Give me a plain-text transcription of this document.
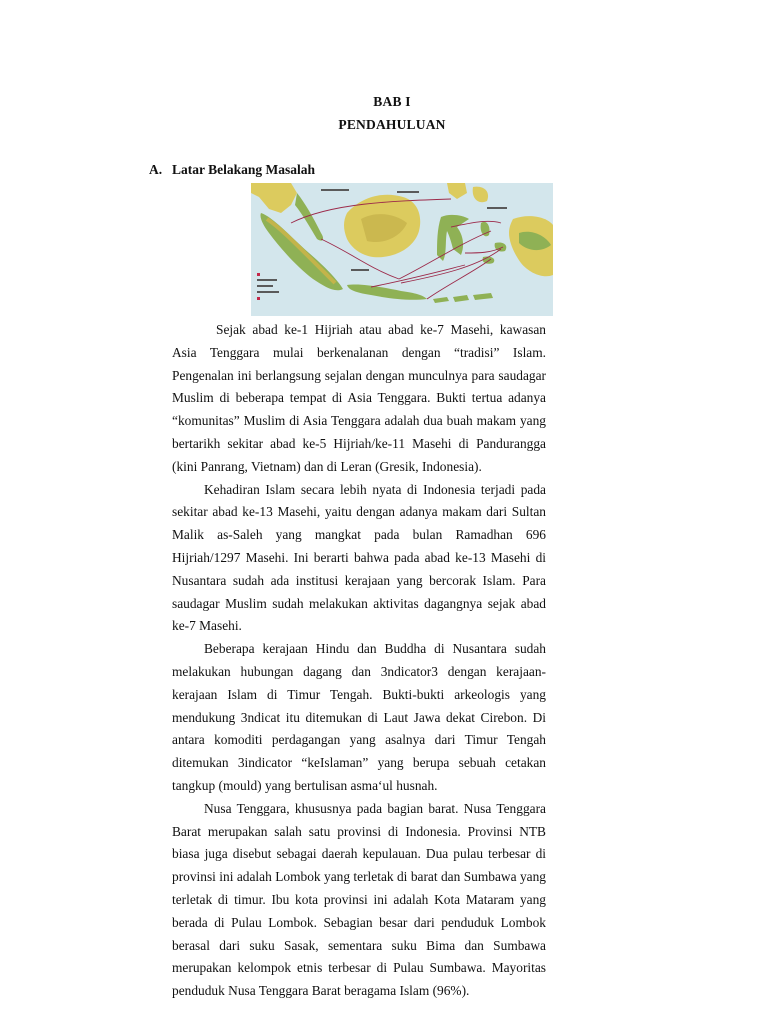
BAB I
PENDAHULUAN
A. Latar Belakang Masalah

Sejak abad ke-1 Hijriah atau abad ke-7 Masehi, kawasan Asia Tenggara mulai berkenalanan dengan “tradisi” Islam. Pengenalan ini berlangsung sejalan dengan munculnya para saudagar Muslim di beberapa tempat di Asia Tenggara. Bukti tertua adanya “komunitas” Muslim di Asia Tenggara adalah dua buah makam yang bertarikh sekitar abad ke-5 Hijriah/ke-11 Masehi di Pandurangga (kini Panrang, Vietnam) dan di Leran (Gresik, Indonesia).

Kehadiran Islam secara lebih nyata di Indonesia terjadi pada sekitar abad ke-13 Masehi, yaitu dengan adanya makam dari Sultan Malik as-Saleh yang mangkat pada bulan Ramadhan 696 Hijriah/1297 Masehi. Ini berarti bahwa pada abad ke-13 Masehi di Nusantara sudah ada institusi kerajaan yang bercorak Islam. Para saudagar Muslim sudah melakukan aktivitas dagangnya sejak abad ke-7 Masehi.

Beberapa kerajaan Hindu dan Buddha di Nusantara sudah melakukan hubungan dagang dan 3ndicator3 dengan kerajaan-kerajaan Islam di Timur Tengah. Bukti-bukti arkeologis yang mendukung 3ndicat itu ditemukan di Laut Jawa dekat Cirebon. Di antara komoditi perdagangan yang asalnya dari Timur Tengah ditemukan 3indicator “keIslaman” yang berupa sebuah cetakan tangkup (mould) yang bertulisan asma‘ul husnah.

Nusa Tenggara, khususnya pada bagian barat. Nusa Tenggara Barat merupakan salah satu provinsi di Indonesia. Provinsi NTB biasa juga disebut sebagai daerah kepulauan. Dua pulau terbesar di provinsi ini adalah Lombok yang terletak di barat dan Sumbawa yang terletak di timur. Ibu kota provinsi ini adalah Kota Mataram yang berada di Pulau Lombok. Sebagian besar dari penduduk Lombok berasal dari suku Sasak, sementara suku Bima dan Sumbawa merupakan kelompok etnis terbesar di Pulau Sumbawa. Mayoritas penduduk Nusa Tenggara Barat beragama Islam (96%).
